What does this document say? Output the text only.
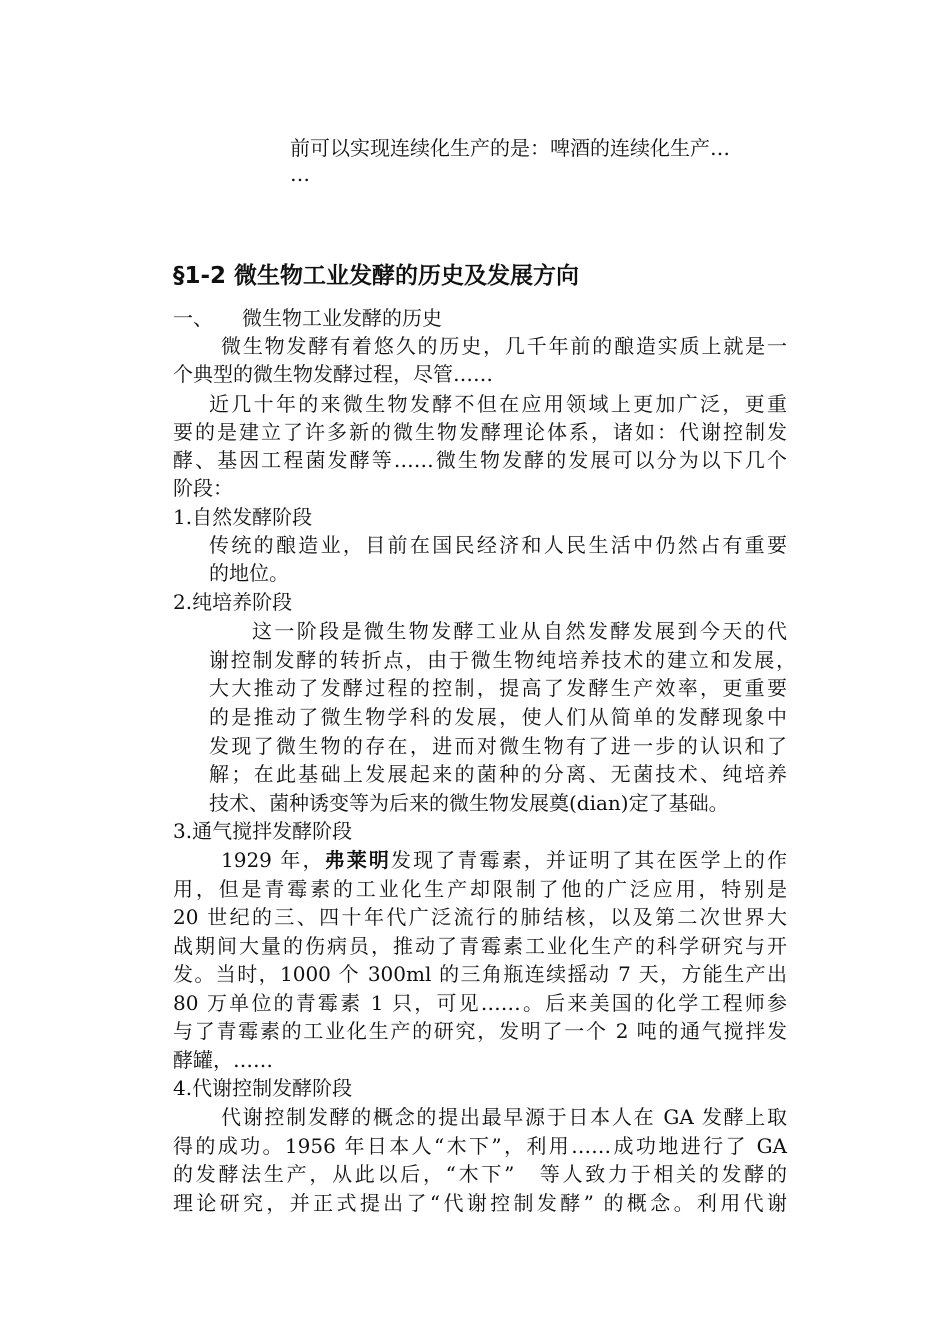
前可以实现连续化生产的是：啤酒的连续化生产…
…
§1-2 微生物工业发酵的历史及发展方向
一、 微生物工业发酵的历史
微生物发酵有着悠久的历史，几千年前的酿造实质上就是一
个典型的微生物发酵过程，尽管……
近几十年的来微生物发酵不但在应用领域上更加广泛，更重
要的是建立了许多新的微生物发酵理论体系，诸如：代谢控制发
酵、基因工程菌发酵等……微生物发酵的发展可以分为以下几个
阶段：
1.自然发酵阶段
传统的酿造业，目前在国民经济和人民生活中仍然占有重要
的地位。
2.纯培养阶段
这一阶段是微生物发酵工业从自然发酵发展到今天的代
谢控制发酵的转折点，由于微生物纯培养技术的建立和发展，
大大推动了发酵过程的控制，提高了发酵生产效率，更重要
的是推动了微生物学科的发展，使人们从简单的发酵现象中
发现了微生物的存在，进而对微生物有了进一步的认识和了
解；在此基础上发展起来的菌种的分离、无菌技术、纯培养
技术、菌种诱变等为后来的微生物发展奠(dian)定了基础。
3.通气搅拌发酵阶段
1929 年，弗莱明发现了青霉素，并证明了其在医学上的作
用，但是青霉素的工业化生产却限制了他的广泛应用，特别是
20 世纪的三、四十年代广泛流行的肺结核，以及第二次世界大
战期间大量的伤病员，推动了青霉素工业化生产的科学研究与开
发。当时，1000 个 300ml 的三角瓶连续摇动 7 天，方能生产出
80 万单位的青霉素 1 只，可见……。后来美国的化学工程师参
与了青霉素的工业化生产的研究，发明了一个 2 吨的通气搅拌发
酵罐，……
4.代谢控制发酵阶段
代谢控制发酵的概念的提出最早源于日本人在 GA 发酵上取
得的成功。1956 年日本人“木下”，利用……成功地进行了 GA
的发酵法生产，从此以后，“木下”　等人致力于相关的发酵的
理论研究，并正式提出了“代谢控制发酵” 的概念。利用代谢
